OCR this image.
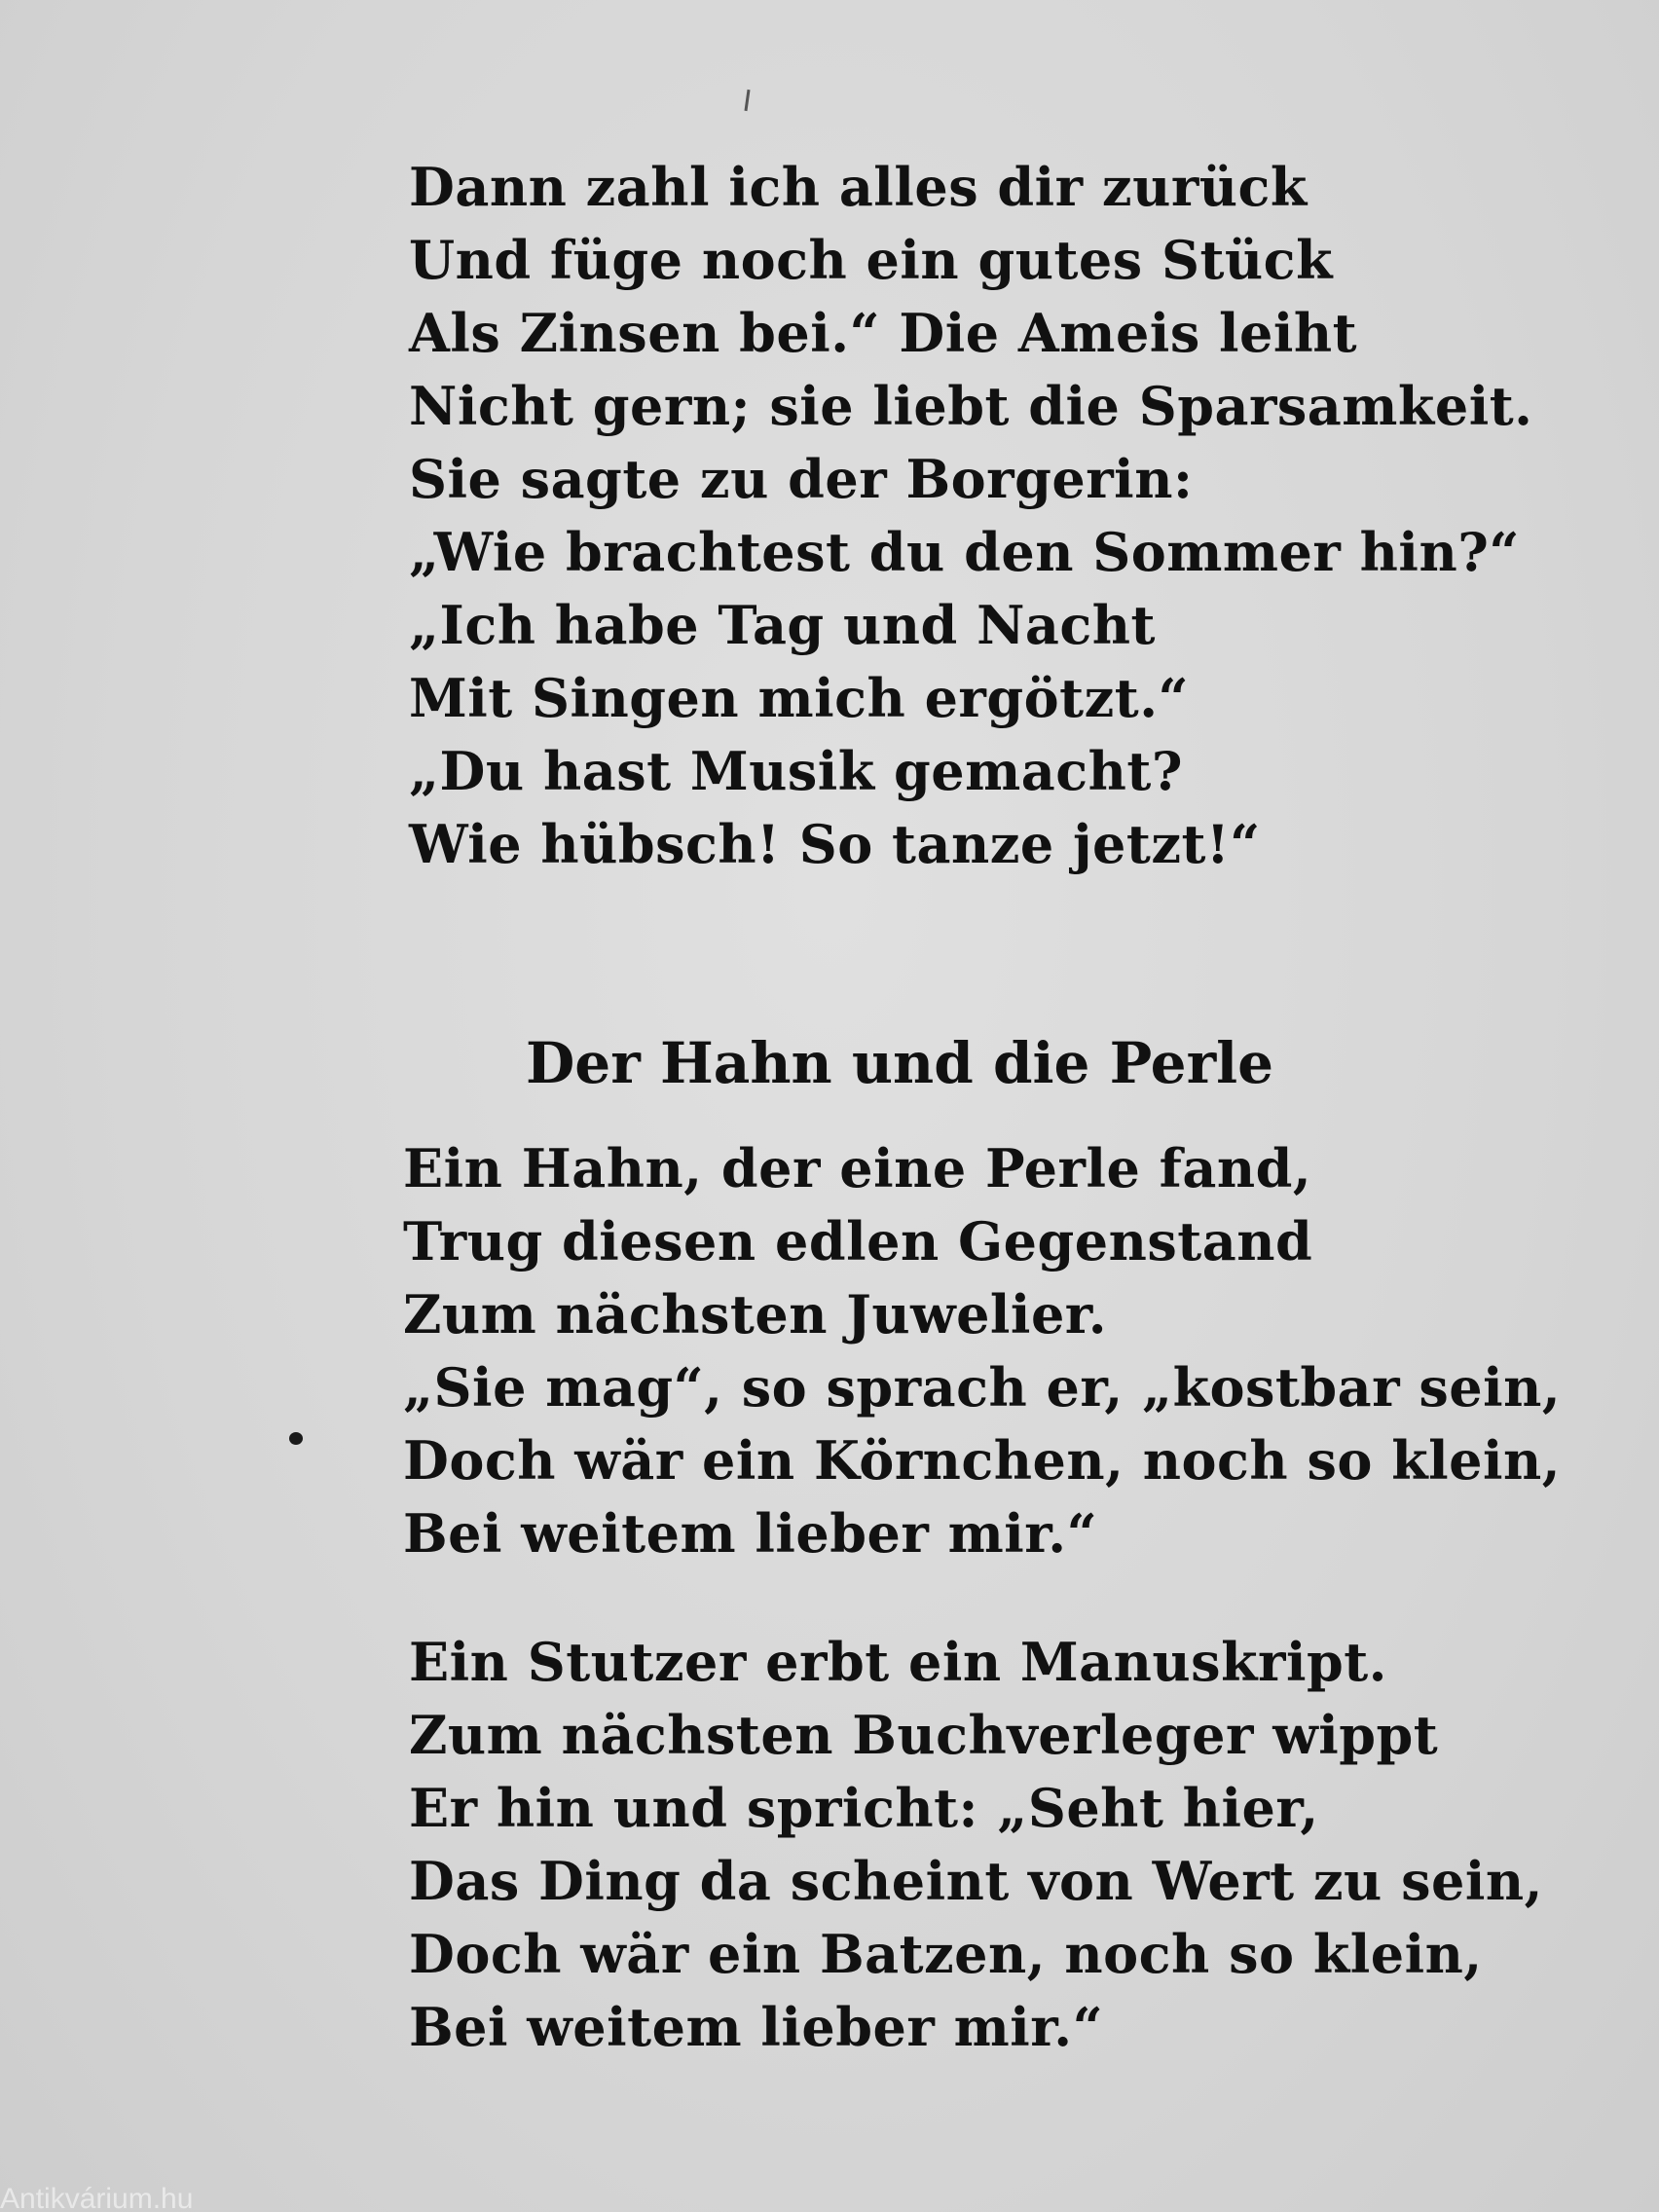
Dann zahl ich alles dir zurück
Und füge noch ein gutes Stück
Als Zinsen bei.“ Die Ameis leiht
Nicht gern; sie liebt die Sparsamkeit.
Sie sagte zu der Borgerin:
„Wie brachtest du den Sommer hin?“
„Ich habe Tag und Nacht
Mit Singen mich ergötzt.“
„Du hast Musik gemacht?
Wie hübsch! So tanze jetzt!“
Der Hahn und die Perle
Ein Hahn, der eine Perle fand,
Trug diesen edlen Gegenstand
Zum nächsten Juwelier.
„Sie mag“, so sprach er, „kostbar sein,
Doch wär ein Körnchen, noch so klein,
Bei weitem lieber mir.“
Ein Stutzer erbt ein Manuskript.
Zum nächsten Buchverleger wippt
Er hin und spricht: „Seht hier,
Das Ding da scheint von Wert zu sein,
Doch wär ein Batzen, noch so klein,
Bei weitem lieber mir.“
Antikvárium.hu
